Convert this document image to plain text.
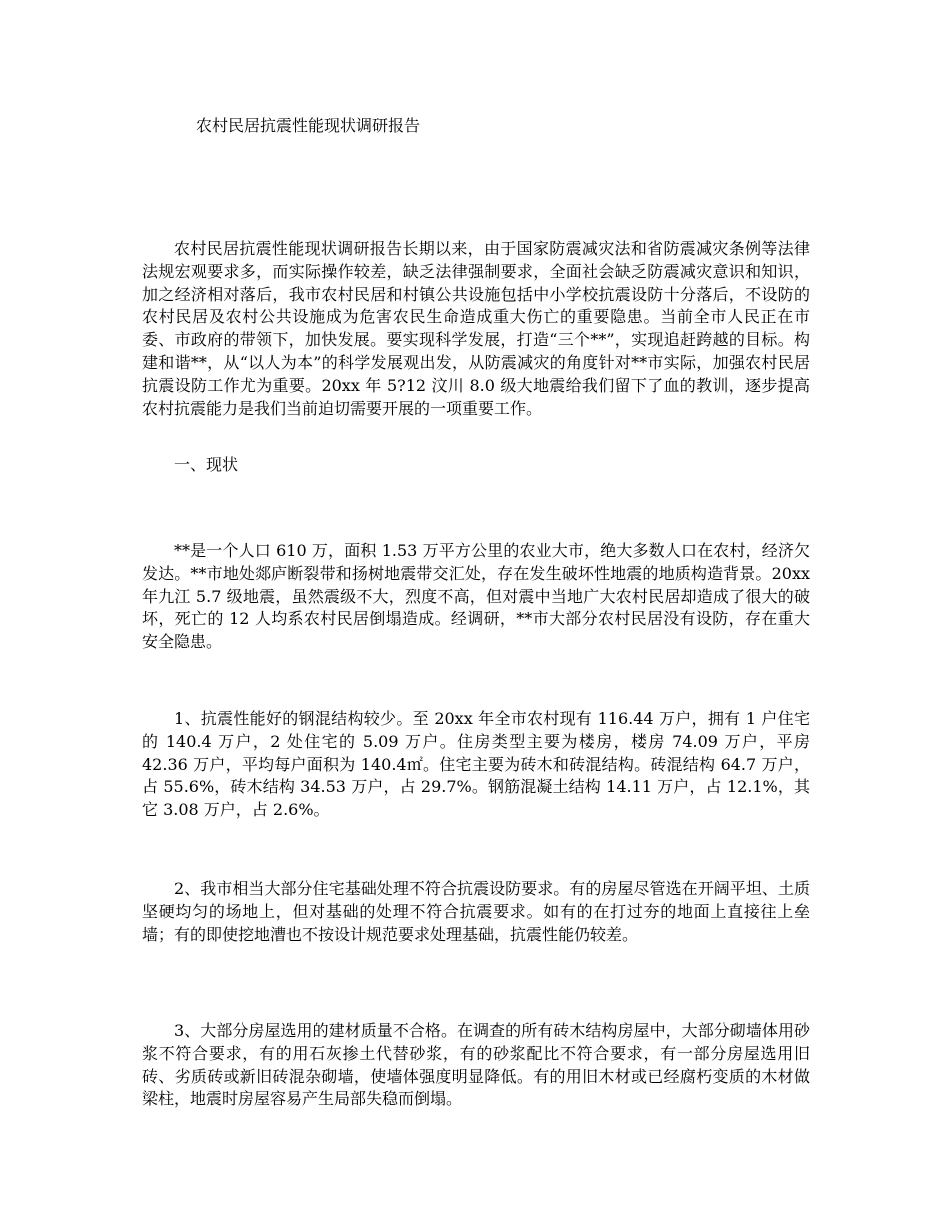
农村民居抗震性能现状调研报告

农村民居抗震性能现状调研报告长期以来，由于国家防震减灾法和省防震减灾条例等法律法规宏观要求多，而实际操作较差，缺乏法律强制要求，全面社会缺乏防震减灾意识和知识，加之经济相对落后，我市农村民居和村镇公共设施包括中小学校抗震设防十分落后，不设防的农村民居及农村公共设施成为危害农民生命造成重大伤亡的重要隐患。当前全市人民正在市委、市政府的带领下，加快发展。要实现科学发展，打造“三个**”，实现追赶跨越的目标。构建和谐**，从“以人为本”的科学发展观出发，从防震减灾的角度针对**市实际，加强农村民居抗震设防工作尤为重要。20xx 年 5?12 汶川 8.0 级大地震给我们留下了血的教训，逐步提高农村抗震能力是我们当前迫切需要开展的一项重要工作。

一、现状

**是一个人口 610 万，面积 1.53 万平方公里的农业大市，绝大多数人口在农村，经济欠发达。**市地处郯庐断裂带和扬树地震带交汇处，存在发生破坏性地震的地质构造背景。20xx 年九江 5.7 级地震，虽然震级不大，烈度不高，但对震中当地广大农村民居却造成了很大的破坏，死亡的 12 人均系农村民居倒塌造成。经调研，**市大部分农村民居没有设防，存在重大安全隐患。

1、抗震性能好的钢混结构较少。至 20xx 年全市农村现有 116.44 万户，拥有 1 户住宅的 140.4 万户，2 处住宅的 5.09 万户。住房类型主要为楼房，楼房 74.09 万户，平房 42.36 万户，平均每户面积为 140.4㎡。住宅主要为砖木和砖混结构。砖混结构 64.7 万户，占 55.6%，砖木结构 34.53 万户，占 29.7%。钢筋混凝土结构 14.11 万户，占 12.1%，其它 3.08 万户，占 2.6%。

2、我市相当大部分住宅基础处理不符合抗震设防要求。有的房屋尽管选在开阔平坦、土质坚硬均匀的场地上，但对基础的处理不符合抗震要求。如有的在打过夯的地面上直接往上垒墙；有的即使挖地漕也不按设计规范要求处理基础，抗震性能仍较差。

3、大部分房屋选用的建材质量不合格。在调查的所有砖木结构房屋中，大部分砌墙体用砂浆不符合要求，有的用石灰掺土代替砂浆，有的砂浆配比不符合要求，有一部分房屋选用旧砖、劣质砖或新旧砖混杂砌墙，使墙体强度明显降低。有的用旧木材或已经腐朽变质的木材做梁柱，地震时房屋容易产生局部失稳而倒塌。
